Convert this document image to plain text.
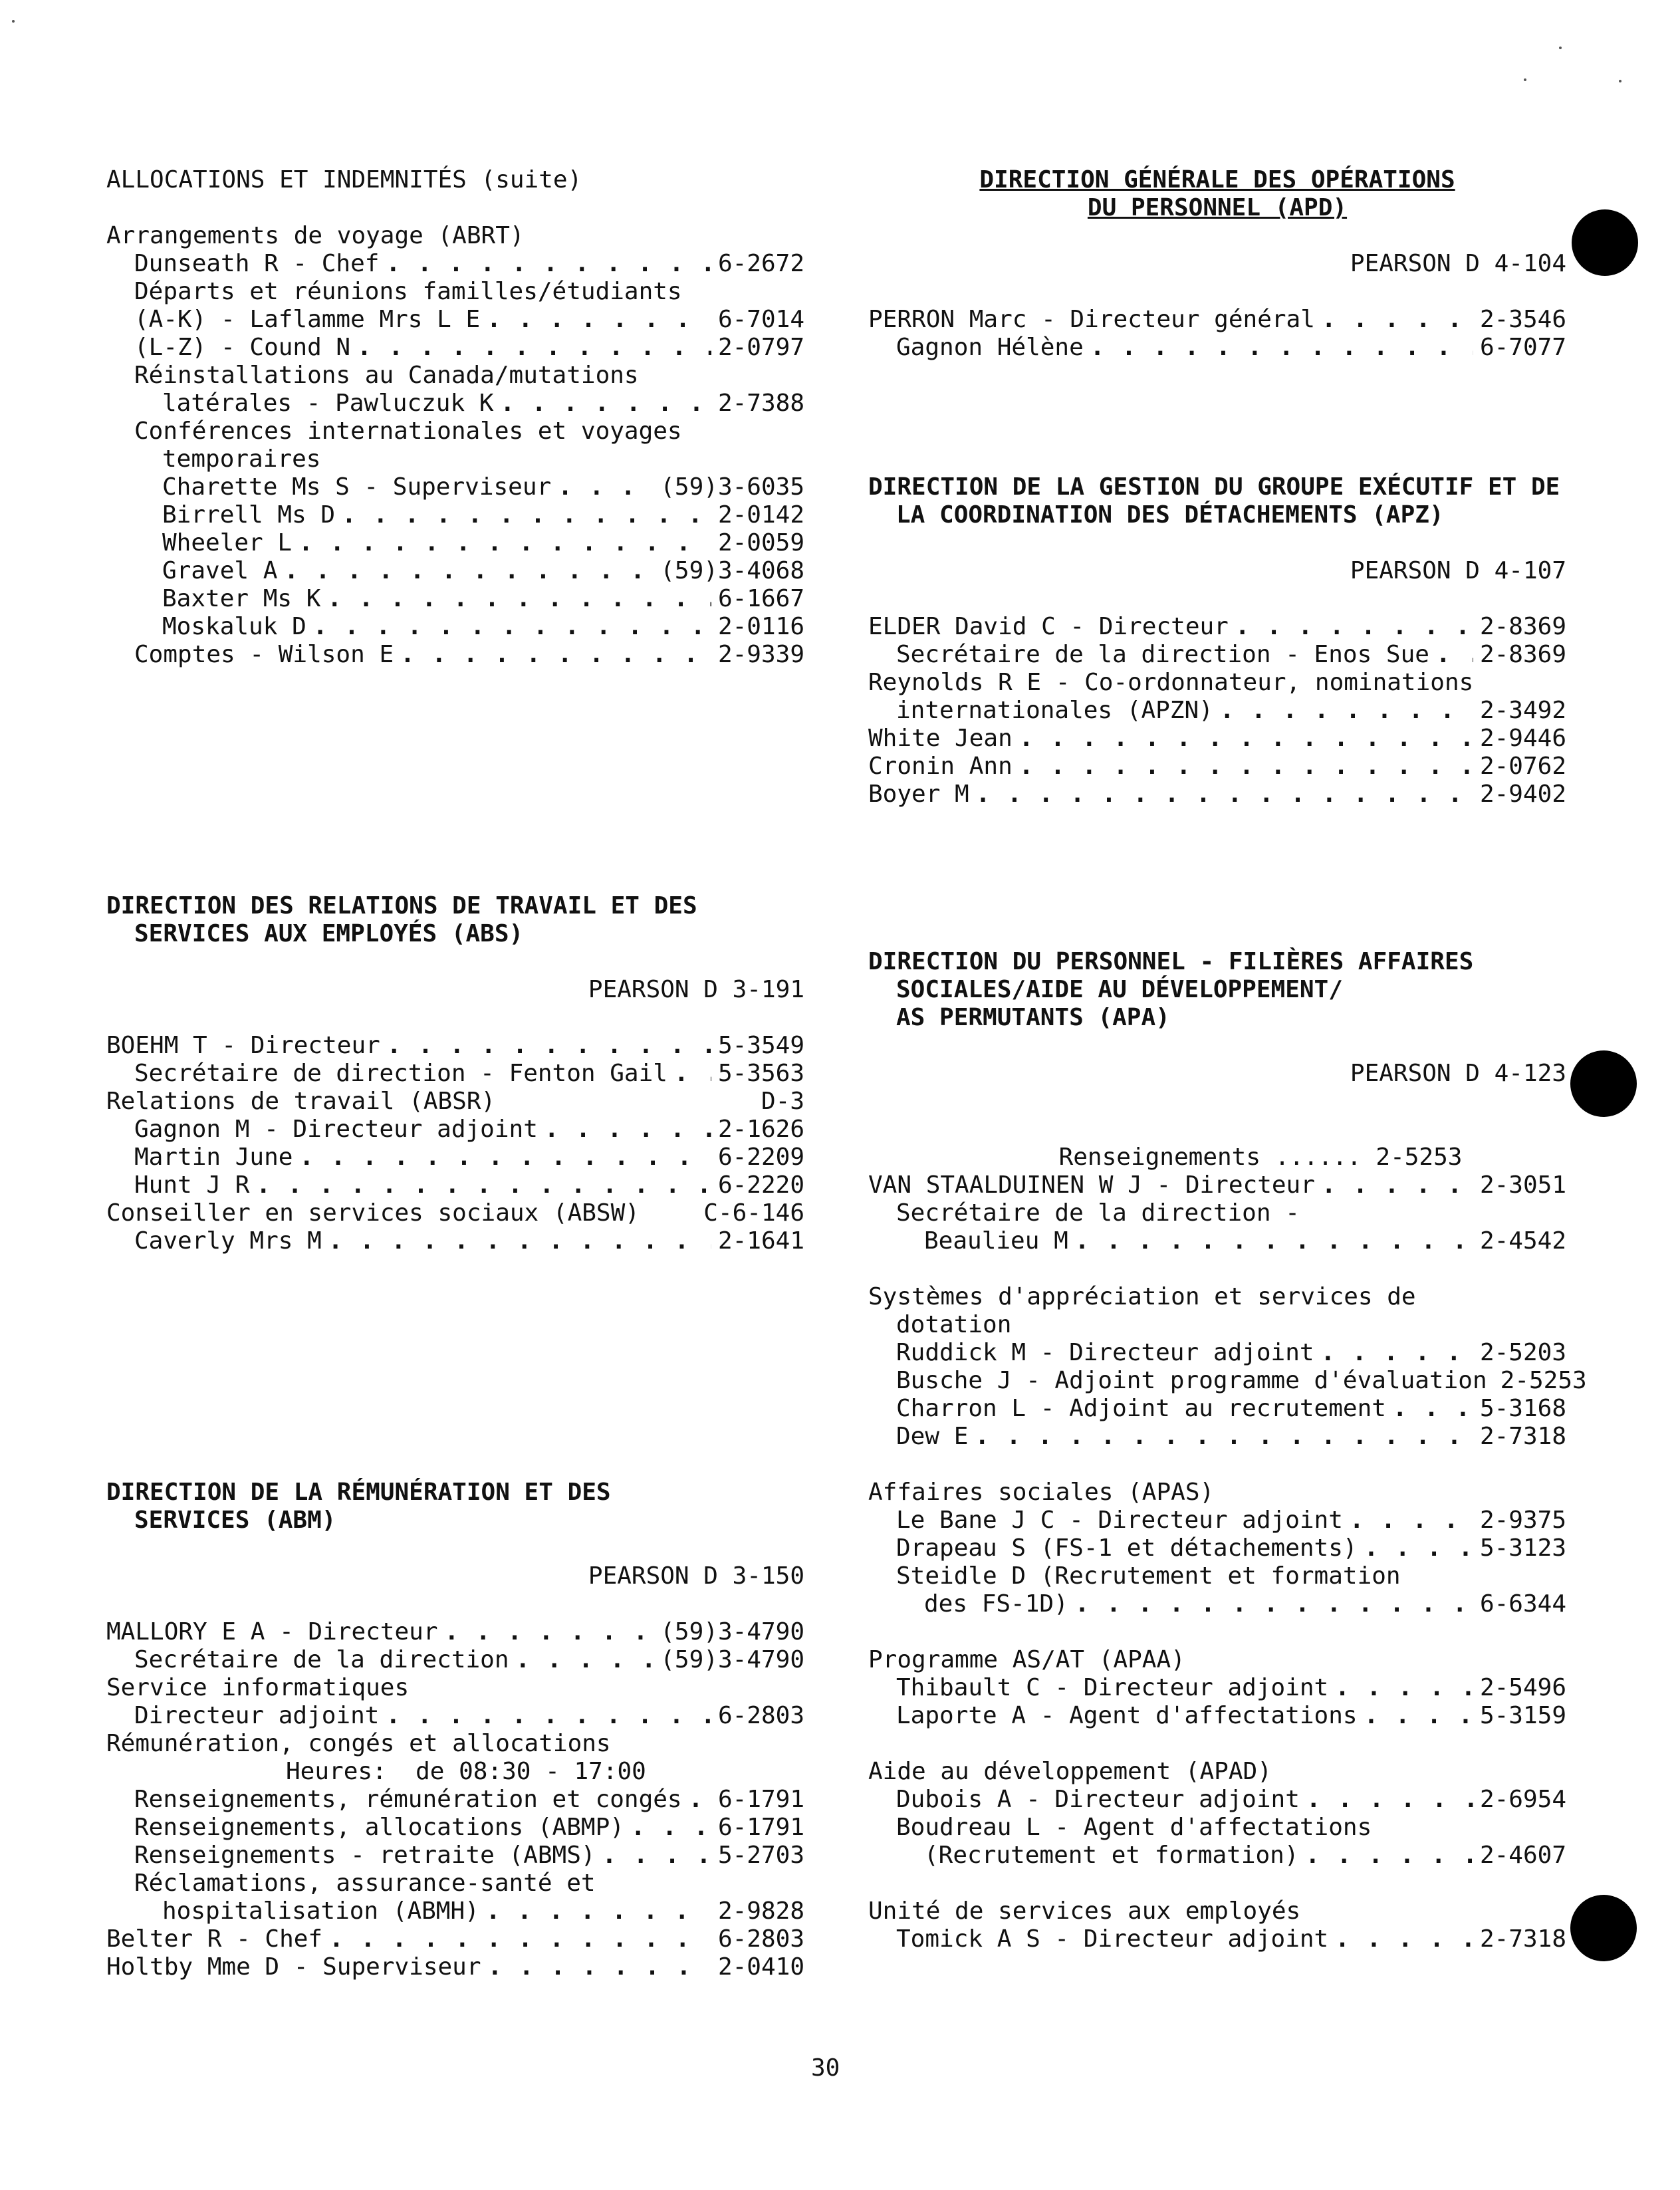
ALLOCATIONS ET INDEMNITÉS (suite)
Arrangements de voyage (ABRT)
Dunseath R - Chef . . .	6-2672
Départs et réunions familles/étudiants
(A-K) - Laflamme Mrs L E . . .	6-7014
(L-Z) - Cound N . . .	2-0797
Réinstallations au Canada/mutations
latérales - Pawluczuk K . . .	2-7388
Conférences internationales et voyages
temporaires
Charette Ms S - Superviseur . . .	(59)3-6035
Birrell Ms D . . .	2-0142
Wheeler L . . .	2-0059
Gravel A . . .	(59)3-4068
Baxter Ms K . . .	6-1667
Moskaluk D . . .	2-0116
Comptes - Wilson E . . .	2-9339
DIRECTION DES RELATIONS DE TRAVAIL ET DES
SERVICES AUX EMPLOYÉS (ABS)
PEARSON D 3-191
BOEHM T - Directeur . . .	5-3549
Secrétaire de direction - Fenton Gail . . . 5-3563
Relations de travail (ABSR)	D-3
Gagnon M - Directeur adjoint . . .	2-1626
Martin June . . .	6-2209
Hunt J R . . .	6-2220
Conseiller en services sociaux (ABSW)	C-6-146
Caverly Mrs M . . .	2-1641
DIRECTION DE LA RÉMUNÉRATION ET DES
SERVICES (ABM)
PEARSON D 3-150
MALLORY E A - Directeur . . .	(59)3-4790
Secrétaire de la direction . . .	(59)3-4790
Service informatiques
Directeur adjoint . . .	6-2803
Rémunération, congés et allocations
Heures:  de 08:30 - 17:00
Renseignements, rémunération et congés . . . 6-1791
Renseignements, allocations (ABMP) . . .	6-1791
Renseignements - retraite (ABMS) . . .	5-2703
Réclamations, assurance-santé et
hospitalisation (ABMH) . . .	2-9828
Belter R - Chef . . .	6-2803
Holtby Mme D - Superviseur . . .	2-0410
DIRECTION GÉNÉRALE DES OPÉRATIONS
DU PERSONNEL (APD)
PEARSON D 4-104
PERRON Marc - Directeur général . . .	2-3546
Gagnon Hélène . . .	6-7077
DIRECTION DE LA GESTION DU GROUPE EXÉCUTIF ET DE
LA COORDINATION DES DÉTACHEMENTS (APZ)
PEARSON D 4-107
ELDER David C - Directeur . . .	2-8369
Secrétaire de la direction - Enos Sue . . . 2-8369
Reynolds R E - Co-ordonnateur, nominations
internationales (APZN) . . .	2-3492
White Jean . . .	2-9446
Cronin Ann . . .	2-0762
Boyer M . . .	2-9402
DIRECTION DU PERSONNEL - FILIÈRES AFFAIRES
SOCIALES/AIDE AU DÉVELOPPEMENT/
AS PERMUTANTS (APA)
PEARSON D 4-123

Renseignements ...... 2-5253

VAN STAALDUINEN W J - Directeur . . .	2-3051
Secrétaire de la direction -
Beaulieu M . . .	2-4542
Systèmes d'appréciation et services de
dotation
Ruddick M - Directeur adjoint . . .	2-5203
Busche J - Adjoint programme d'évaluation 2-5253
Charron L - Adjoint au recrutement . . .	5-3168
Dew E . . .	2-7318
Affaires sociales (APAS)
Le Bane J C - Directeur adjoint . . .	2-9375
Drapeau S (FS-1 et détachements) . . .	5-3123
Steidle D (Recrutement et formation
des FS-1D) . . .	6-6344
Programme AS/AT (APAA)
Thibault C - Directeur adjoint . . .	2-5496
Laporte A - Agent d'affectations . . .	5-3159
Aide au développement (APAD)
Dubois A - Directeur adjoint . . .	2-6954
Boudreau L - Agent d'affectations
(Recrutement et formation) . . .	2-4607
Unité de services aux employés
Tomick A S - Directeur adjoint . . .	2-7318
30
